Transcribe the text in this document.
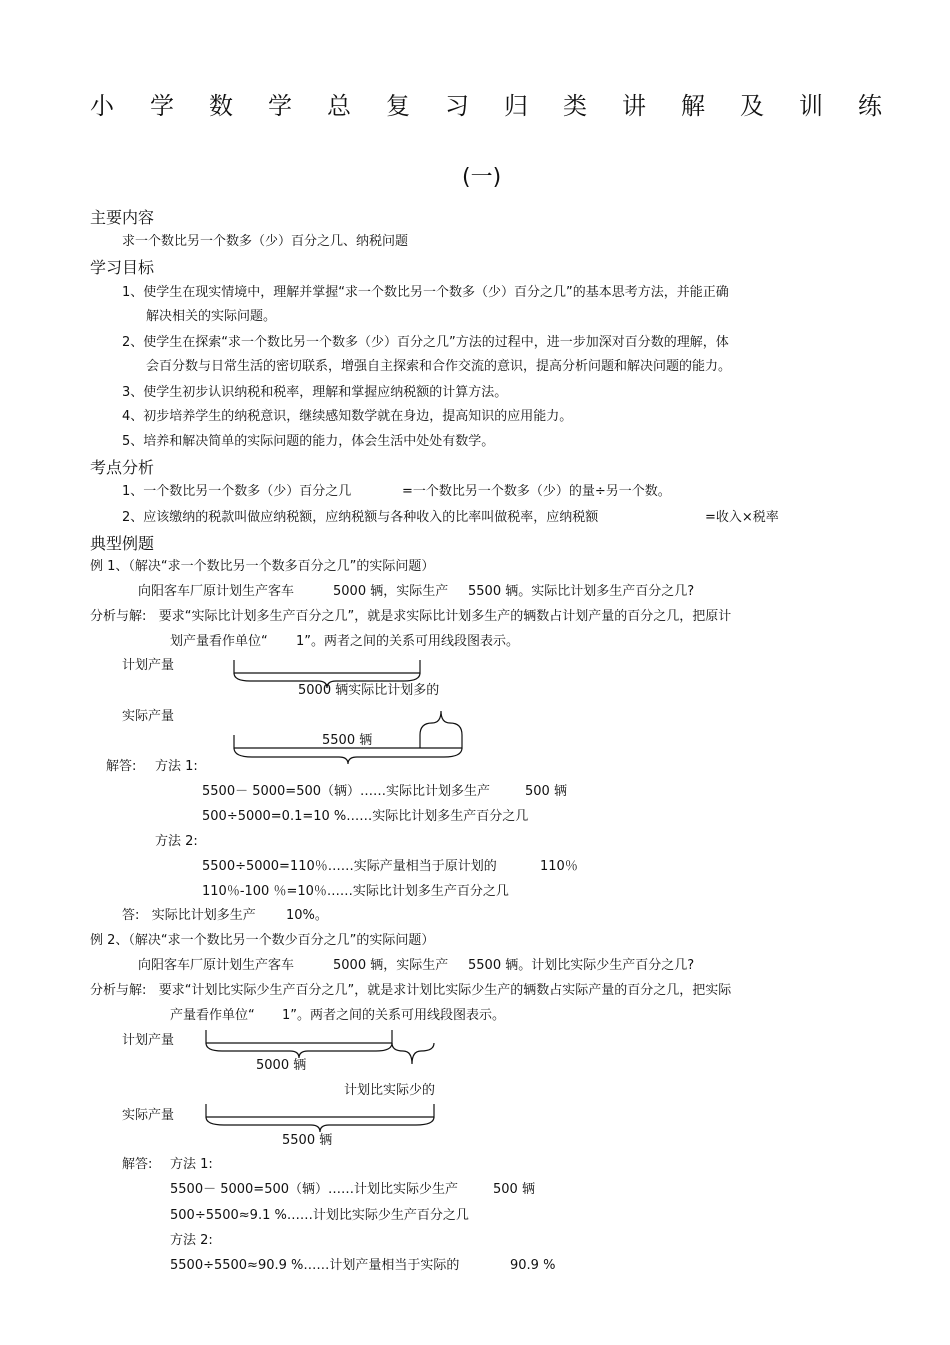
小 学 数 学 总 复 习 归 类 讲 解 及 训 练
(一)
主要内容
求一个数比另一个数多（少）百分之几、纳税问题
学习目标
1、使学生在现实情境中，理解并掌握“求一个数比另一个数多（少）百分之几”的基本思考方法，并能正确
解决相关的实际问题。
2、使学生在探索“求一个数比另一个数多（少）百分之几”方法的过程中，进一步加深对百分数的理解，体
会百分数与日常生活的密切联系，增强自主探索和合作交流的意识，提高分析问题和解决问题的能力。
3、使学生初步认识纳税和税率，理解和掌握应纳税额的计算方法。
4、初步培养学生的纳税意识，继续感知数学就在身边，提高知识的应用能力。
5、培养和解决简单的实际问题的能力，体会生活中处处有数学。
考点分析
1、一个数比另一个数多（少）百分之几	=一个数比另一个数多（少）的量÷另一个数。
2、应该缴纳的税款叫做应纳税额，应纳税额与各种收入的比率叫做税率，应纳税额	=收入×税率
典型例题
例 1、（解决“求一个数比另一个数多百分之几”的实际问题）
向阳客车厂原计划生产客车	5000 辆，实际生产 5500 辆。实际比计划多生产百分之几?
分析与解:   要求“实际比计划多生产百分之几”，就是求实际比计划多生产的辆数占计划产量的百分之几，把原计
划产量看作单位“ 1”。两者之间的关系可用线段图表示。
计划产量
5000 辆实际比计划多的
实际产量
5500 辆
解答: 方法 1:
5500－ 5000=500（辆）……实际比计划多生产	500 辆
500÷5000=0.1=10 %……实际比计划多生产百分之几
方法 2:
5500÷5000=110％……实际产量相当于原计划的	110％
110％-100 ％=10％……实际比计划多生产百分之几
答:   实际比计划多生产 10%。
例 2、（解决“求一个数比另一个数少百分之几”的实际问题）
向阳客车厂原计划生产客车	5000 辆，实际生产 5500 辆。计划比实际少生产百分之几?
分析与解:   要求“计划比实际少生产百分之几”，就是求计划比实际少生产的辆数占实际产量的百分之几，把实际
产量看作单位“ 1”。两者之间的关系可用线段图表示。
计划产量
5000 辆
计划比实际少的
实际产量
5500 辆
解答: 方法 1:
5500－ 5000=500（辆）……计划比实际少生产	500 辆
500÷5500≈9.1 %……计划比实际少生产百分之几
方法 2:
5500÷5500≈90.9 %……计划产量相当于实际的	90.9 %
